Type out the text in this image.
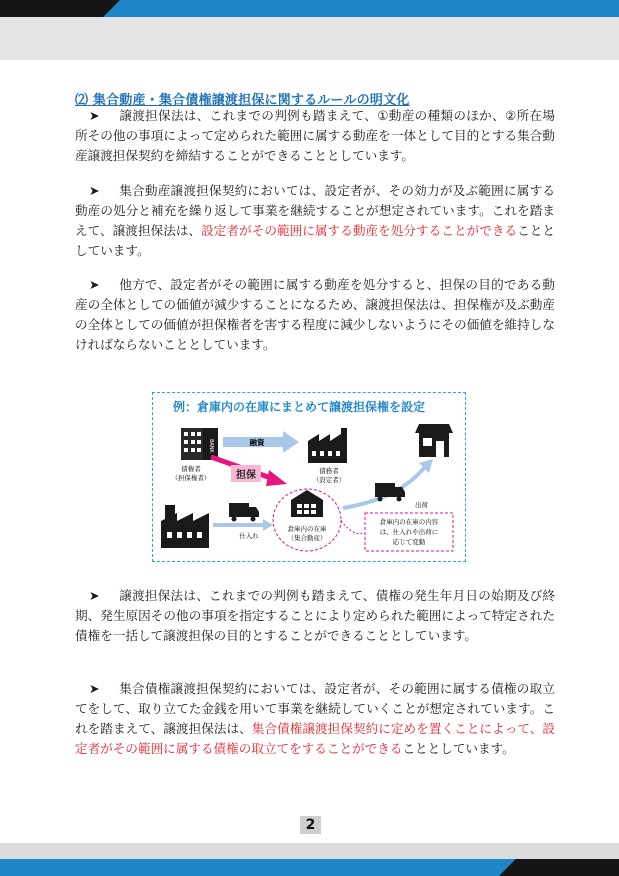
⑵ 集合動産・集合債権譲渡担保に関するルールの明文化
➤ 譲渡担保法は、これまでの判例も踏まえて、①動産の種類のほか、②所在場所その他の事項によって定められた範囲に属する動産を一体として目的とする集合動産譲渡担保契約を締結することができることとしています。
➤ 集合動産譲渡担保契約においては、設定者が、その効力が及ぶ範囲に属する動産の処分と補充を繰り返して事業を継続することが想定されています。これを踏まえて、譲渡担保法は、設定者がその範囲に属する動産を処分することができることとしています。
➤ 他方で、設定者がその範囲に属する動産を処分すると、担保の目的である動産の全体としての価値が減少することになるため、譲渡担保法は、担保権が及ぶ動産の全体としての価値が担保権者を害する程度に減少しないようにその価値を維持しなければならないこととしています。
例：倉庫内の在庫にまとめて譲渡担保権を設定
BANK
債権者
（担保権者）
融資
債務者
（設定者）
担保
仕入れ
倉庫内の在庫
（集合動産）
出荷
倉庫内の在庫の内容
は、仕入れや出荷に
応じて変動
➤ 譲渡担保法は、これまでの判例も踏まえて、債権の発生年月日の始期及び終期、発生原因その他の事項を指定することにより定められた範囲によって特定された債権を一括して譲渡担保の目的とすることができることとしています。
➤ 集合債権譲渡担保契約においては、設定者が、その範囲に属する債権の取立てをして、取り立てた金銭を用いて事業を継続していくことが想定されています。これを踏まえて、譲渡担保法は、集合債権譲渡担保契約に定めを置くことによって、設定者がその範囲に属する債権の取立てをすることができることとしています。
2
